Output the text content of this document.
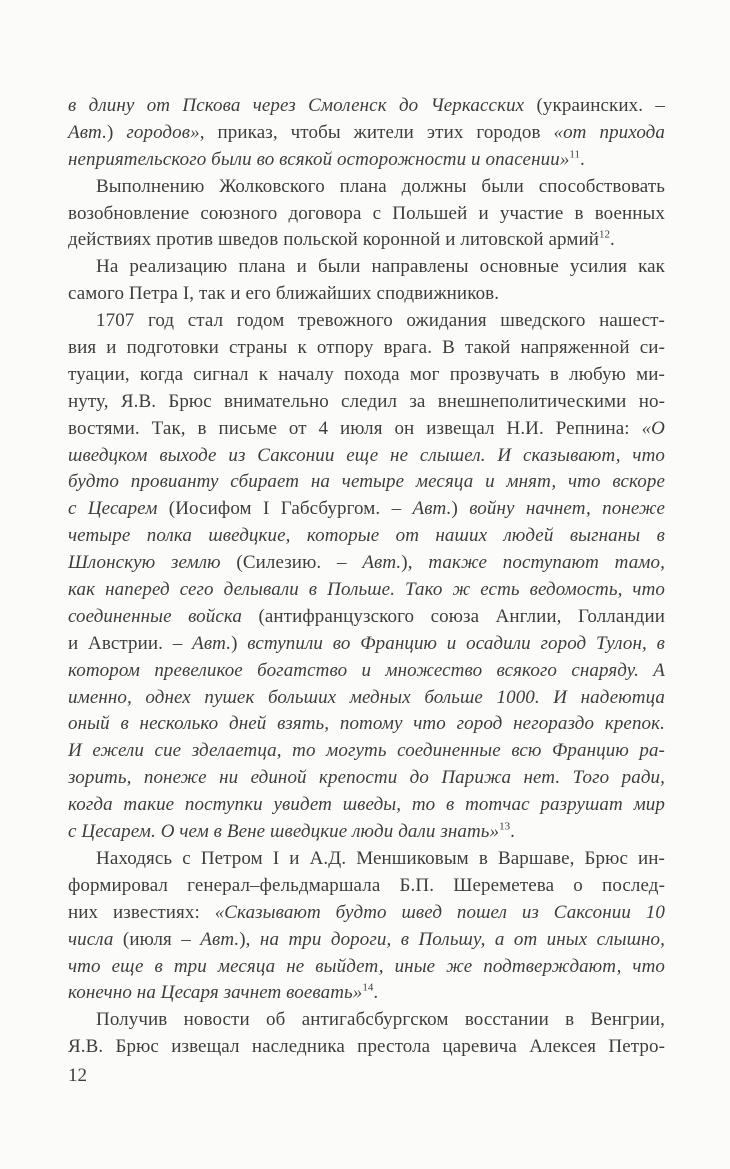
в длину от Пскова через Смоленск до Черкасских (украинских. –
Авт.) городов», приказ, чтобы жители этих городов «от прихода
неприятельского были во всякой осторожности и опасении»$^{11}$.
Выполнению Жолковского плана должны были способствовать
возобновление союзного договора с Польшей и участие в военных
действиях против шведов польской коронной и литовской армий$^{12}$.
На реализацию плана и были направлены основные усилия как
самого Петра I, так и его ближайших сподвижников.
1707 год стал годом тревожного ожидания шведского нашест-
вия и подготовки страны к отпору врага. В такой напряженной си-
туации, когда сигнал к началу похода мог прозвучать в любую ми-
нуту, Я.В. Брюс внимательно следил за внешнеполитическими но-
востями. Так, в письме от 4 июля он извещал Н.И. Репнина: «О
шведцком выходе из Саксонии еще не слышел. И сказывают, что
будто провианту сбирает на четыре месяца и мнят, что вскоре
с Цесарем (Иосифом I Габсбургом. – Авт.) войну начнет, понеже
четыре полка шведцкие, которые от наших людей выгнаны в
Шлонскую землю (Силезию. – Авт.), также поступают тамо,
как наперед сего делывали в Польше. Тако ж есть ведомость, что
соединенные войска (антифранцузского союза Англии, Голландии
и Австрии. – Авт.) вступили во Францию и осадили город Тулон, в
котором превеликое богатство и множество всякого снаряду. А
именно, однех пушек больших медных больше 1000. И надеютца
оный в несколько дней взять, потому что город негораздо крепок.
И ежели сие зделаетца, то могуть соединенные всю Францию ра-
зорить, понеже ни единой крепости до Парижа нет. Того ради,
когда такие поступки увидет шведы, то в тотчас разрушат мир
с Цесарем. О чем в Вене шведцкие люди дали знать»$^{13}$.
Находясь с Петром I и А.Д. Меншиковым в Варшаве, Брюс ин-
формировал генерал–фельдмаршала Б.П. Шереметева о послед-
них известиях: «Сказывают будто швед пошел из Саксонии 10
числа (июля – Авт.), на три дороги, в Польшу, а от иных слышно,
что еще в три месяца не выйдет, иные же подтверждают, что
конечно на Цесаря зачнет воевать»$^{14}$.
Получив новости об антигабсбургском восстании в Венгрии,
Я.В. Брюс извещал наследника престола царевича Алексея Петро-
12
